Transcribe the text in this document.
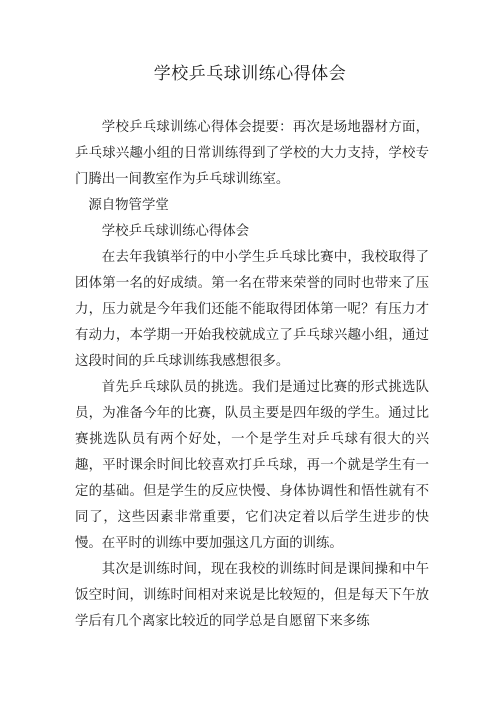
学校乒乓球训练心得体会

学校乒乓球训练心得体会提要：再次是场地器材方面，乒乓球兴趣小组的日常训练得到了学校的大力支持，学校专门腾出一间教室作为乒乓球训练室。

源自物管学堂

学校乒乓球训练心得体会

在去年我镇举行的中小学生乒乓球比赛中，我校取得了团体第一名的好成绩。第一名在带来荣誉的同时也带来了压力，压力就是今年我们还能不能取得团体第一呢？有压力才有动力，本学期一开始我校就成立了乒乓球兴趣小组，通过这段时间的乒乓球训练我感想很多。

首先乒乓球队员的挑选。我们是通过比赛的形式挑选队员，为准备今年的比赛，队员主要是四年级的学生。通过比赛挑选队员有两个好处，一个是学生对乒乓球有很大的兴趣，平时课余时间比较喜欢打乒乓球，再一个就是学生有一定的基础。但是学生的反应快慢、身体协调性和悟性就有不同了，这些因素非常重要，它们决定着以后学生进步的快慢。在平时的训练中要加强这几方面的训练。

其次是训练时间，现在我校的训练时间是课间操和中午饭空时间，训练时间相对来说是比较短的，但是每天下午放学后有几个离家比较近的同学总是自愿留下来多练
